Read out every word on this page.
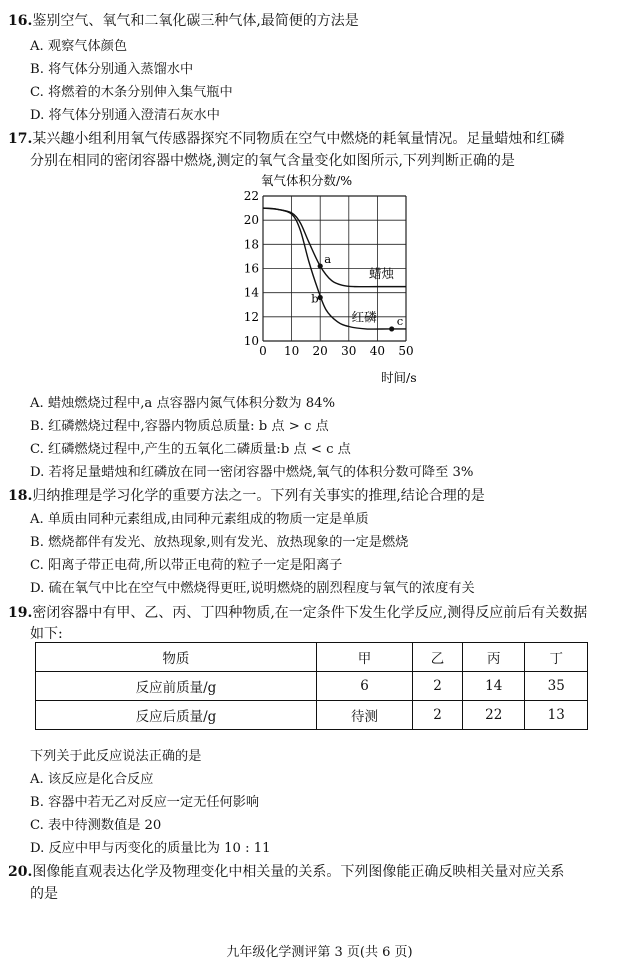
16.鉴别空气、氧气和二氧化碳三种气体,最简便的方法是
A. 观察气体颜色
B. 将气体分别通入蒸馏水中
C. 将燃着的木条分别伸入集气瓶中
D. 将气体分别通入澄清石灰水中
17.某兴趣小组利用氧气传感器探究不同物质在空气中燃烧的耗氧量情况。足量蜡烛和红磷
分别在相同的密闭容器中燃烧,测定的氧气含量变化如图所示,下列判断正确的是
0 10 20 30 40 50
10
12
14
16
18
20
22
蜡烛
红磷
a
b
c
氧气体积分数/%
时间/s
A. 蜡烛燃烧过程中,a 点容器内氮气体积分数为 84%
B. 红磷燃烧过程中,容器内物质总质量: b 点 > c 点
C. 红磷燃烧过程中,产生的五氧化二磷质量:b 点 < c 点
D. 若将足量蜡烛和红磷放在同一密闭容器中燃烧,氧气的体积分数可降至 3%
18.归纳推理是学习化学的重要方法之一。下列有关事实的推理,结论合理的是
A. 单质由同种元素组成,由同种元素组成的物质一定是单质
B. 燃烧都伴有发光、放热现象,则有发光、放热现象的一定是燃烧
C. 阳离子带正电荷,所以带正电荷的粒子一定是阳离子
D. 硫在氧气中比在空气中燃烧得更旺,说明燃烧的剧烈程度与氧气的浓度有关
19.密闭容器中有甲、乙、丙、丁四种物质,在一定条件下发生化学反应,测得反应前后有关数据
如下:
物质	甲	乙	丙	丁
反应前质量/g	6	2	14	35
反应后质量/g	待测	2	22	13
下列关于此反应说法正确的是
A. 该反应是化合反应
B. 容器中若无乙对反应一定无任何影响
C. 表中待测数值是 20
D. 反应中甲与丙变化的质量比为 10 : 11
20.图像能直观表达化学及物理变化中相关量的关系。下列图像能正确反映相关量对应关系
的是
九年级化学测评第 3 页(共 6 页)
